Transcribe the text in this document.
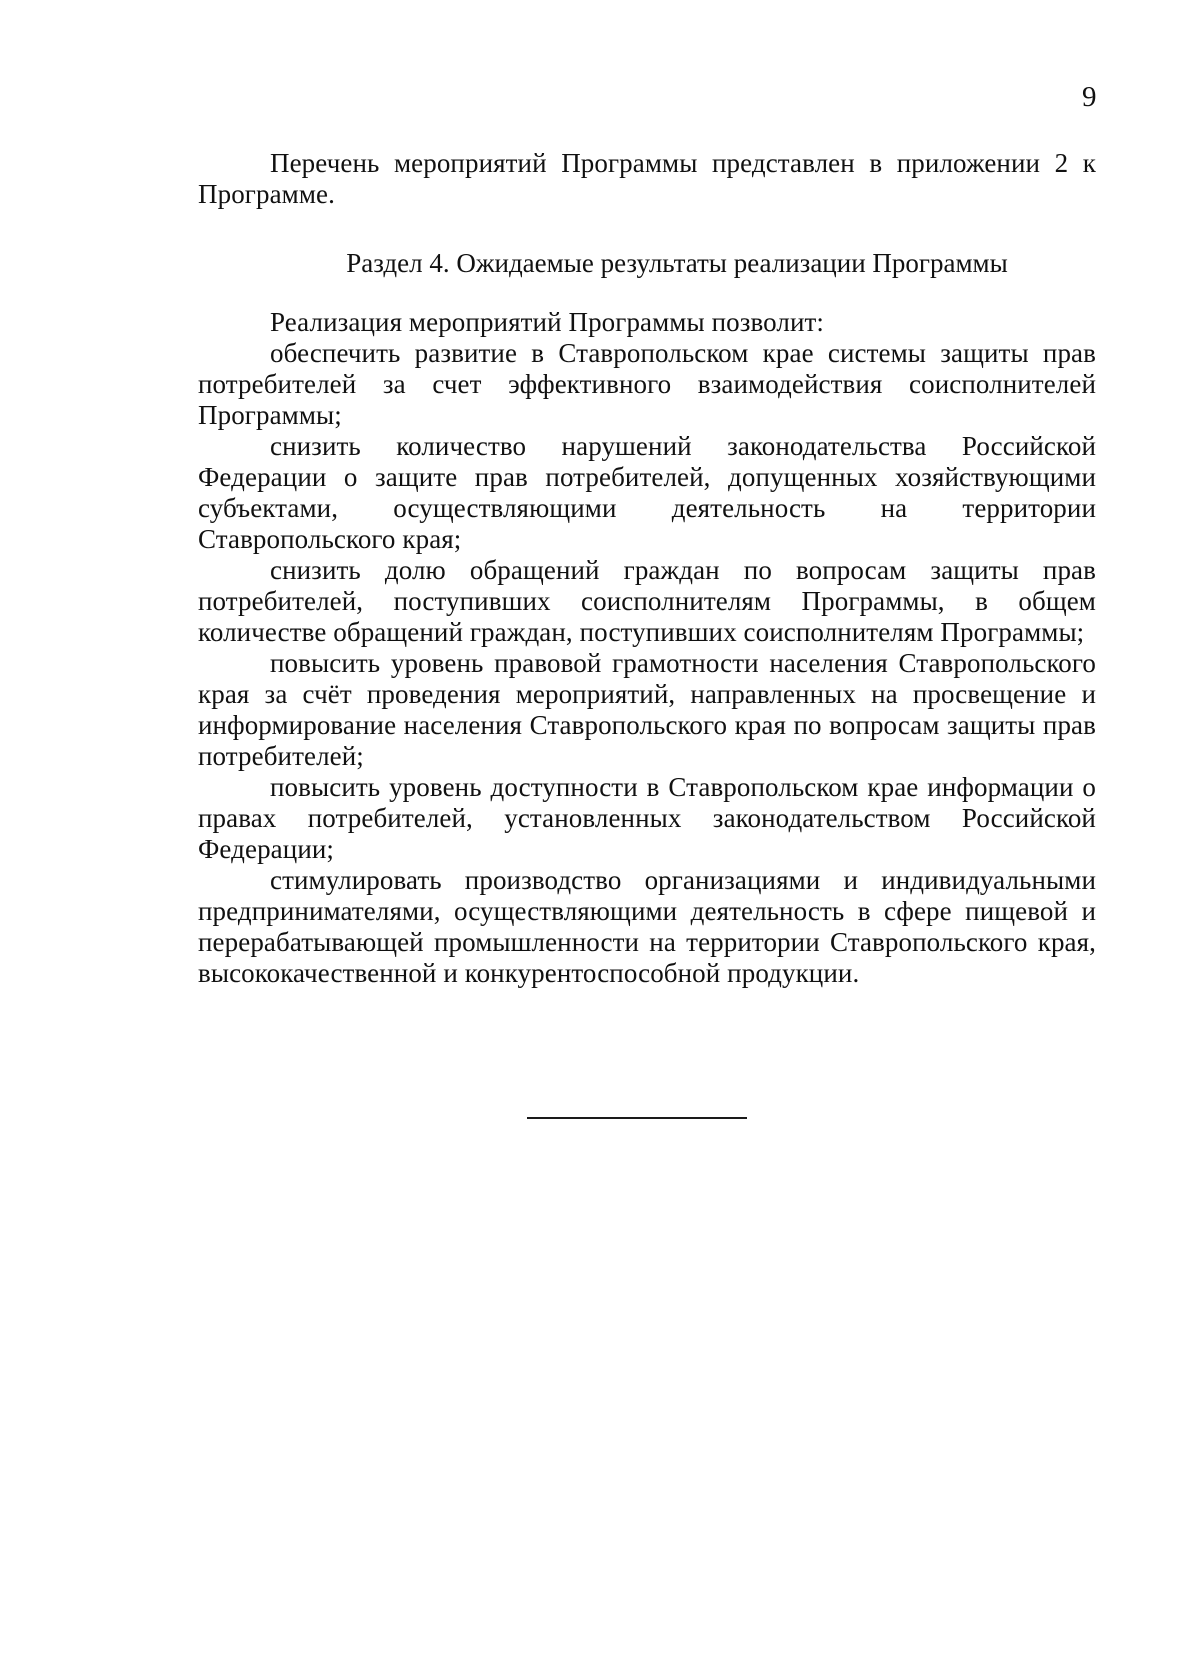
9

Перечень мероприятий Программы представлен в приложении 2 к Программе.

Раздел 4. Ожидаемые результаты реализации Программы

Реализация мероприятий Программы позволит:

обеспечить развитие в Ставропольском крае системы защиты прав потребителей за счет эффективного взаимодействия соисполнителей Программы;

снизить количество нарушений законодательства Российской Федерации о защите прав потребителей, допущенных хозяйствующими субъектами, осуществляющими деятельность на территории Ставропольского края;

снизить долю обращений граждан по вопросам защиты прав потребителей, поступивших соисполнителям Программы, в общем количестве обращений граждан, поступивших соисполнителям Программы;

повысить уровень правовой грамотности населения Ставропольского края за счёт проведения мероприятий, направленных на просвещение и информирование населения Ставропольского края по вопросам защиты прав потребителей;

повысить уровень доступности в Ставропольском крае информации о правах потребителей, установленных законодательством Российской Федерации;

стимулировать производство организациями и индивидуальными предпринимателями, осуществляющими деятельность в сфере пищевой и перерабатывающей промышленности на территории Ставропольского края, высококачественной и конкурентоспособной продукции.
